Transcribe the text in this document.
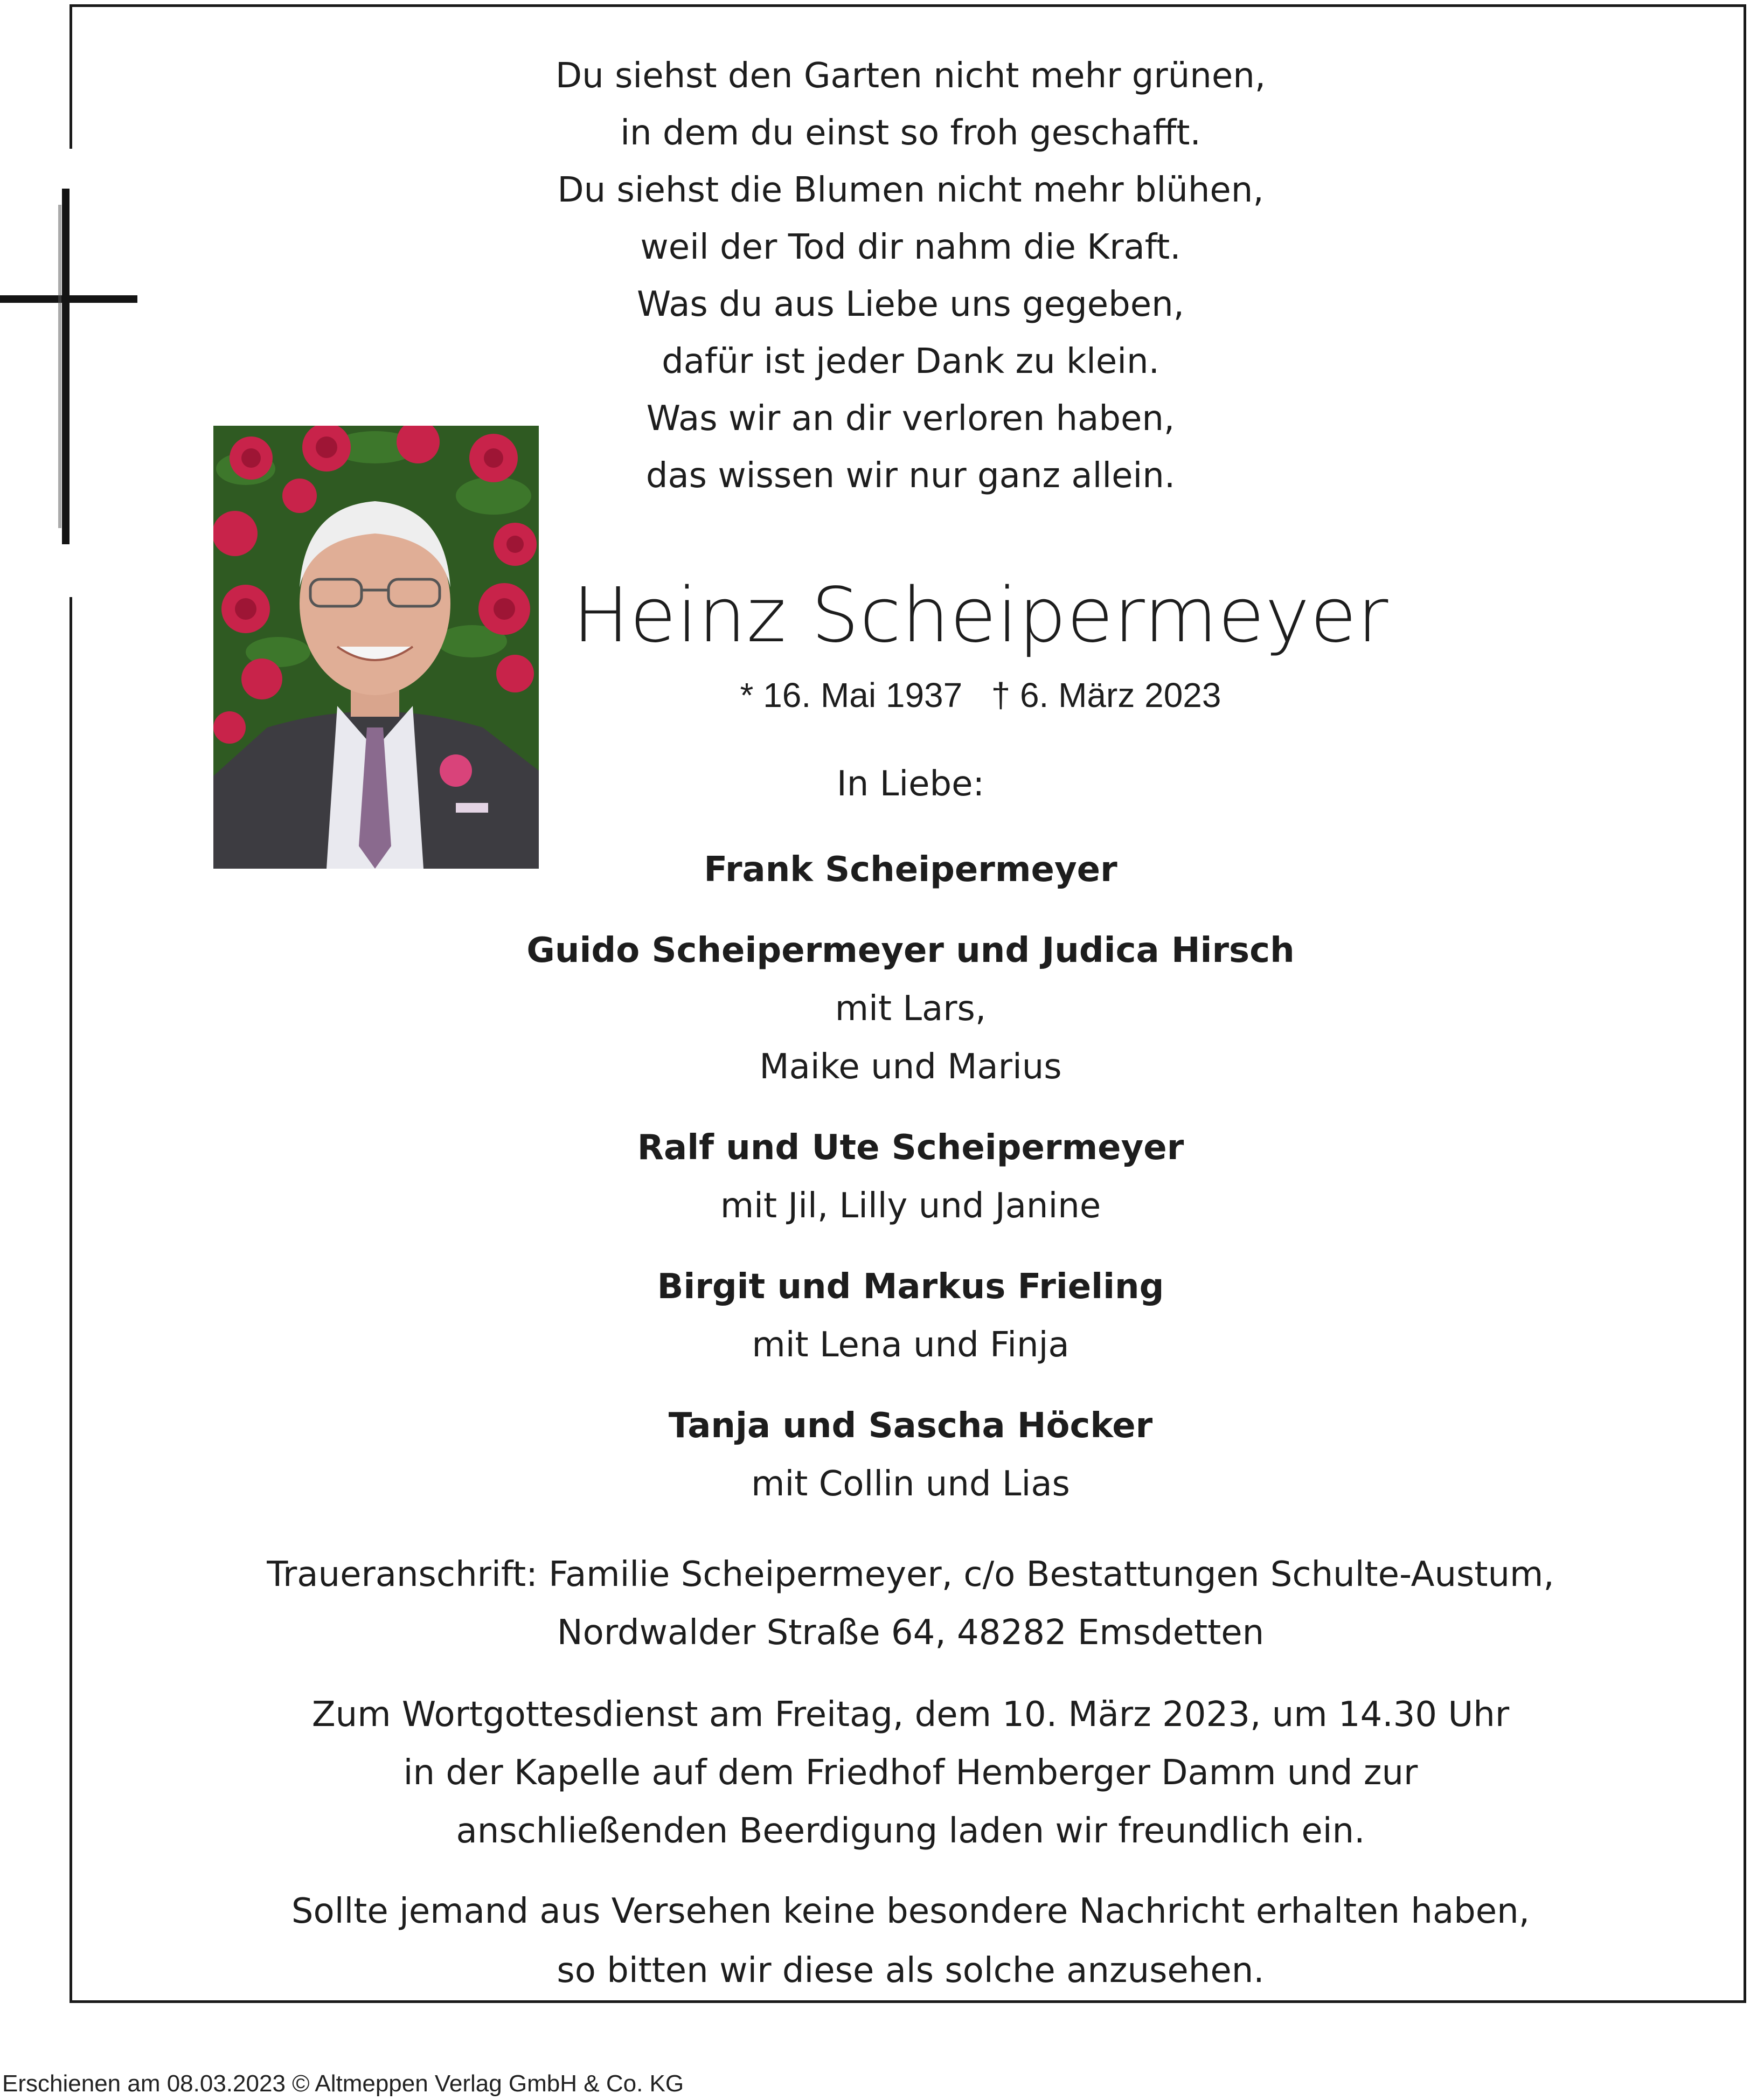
Du siehst den Garten nicht mehr grünen,
in dem du einst so froh geschafft.
Du siehst die Blumen nicht mehr blühen,
weil der Tod dir nahm die Kraft.
Was du aus Liebe uns gegeben,
dafür ist jeder Dank zu klein.
Was wir an dir verloren haben,
das wissen wir nur ganz allein.
Heinz Scheipermeyer
* 16. Mai 1937   † 6. März 2023
In Liebe:
Frank Scheipermeyer
Guido Scheipermeyer und Judica Hirsch
mit Lars,
Maike und Marius
Ralf und Ute Scheipermeyer
mit Jil, Lilly und Janine
Birgit und Markus Frieling
mit Lena und Finja
Tanja und Sascha Höcker
mit Collin und Lias
Traueranschrift: Familie Scheipermeyer, c/o Bestattungen Schulte-Austum,
Nordwalder Straße 64, 48282 Emsdetten
Zum Wortgottesdienst am Freitag, dem 10. März 2023, um 14.30 Uhr
in der Kapelle auf dem Friedhof Hemberger Damm und zur
anschließenden Beerdigung laden wir freundlich ein.
Sollte jemand aus Versehen keine besondere Nachricht erhalten haben,
so bitten wir diese als solche anzusehen.
Erschienen am 08.03.2023 © Altmeppen Verlag GmbH & Co. KG
